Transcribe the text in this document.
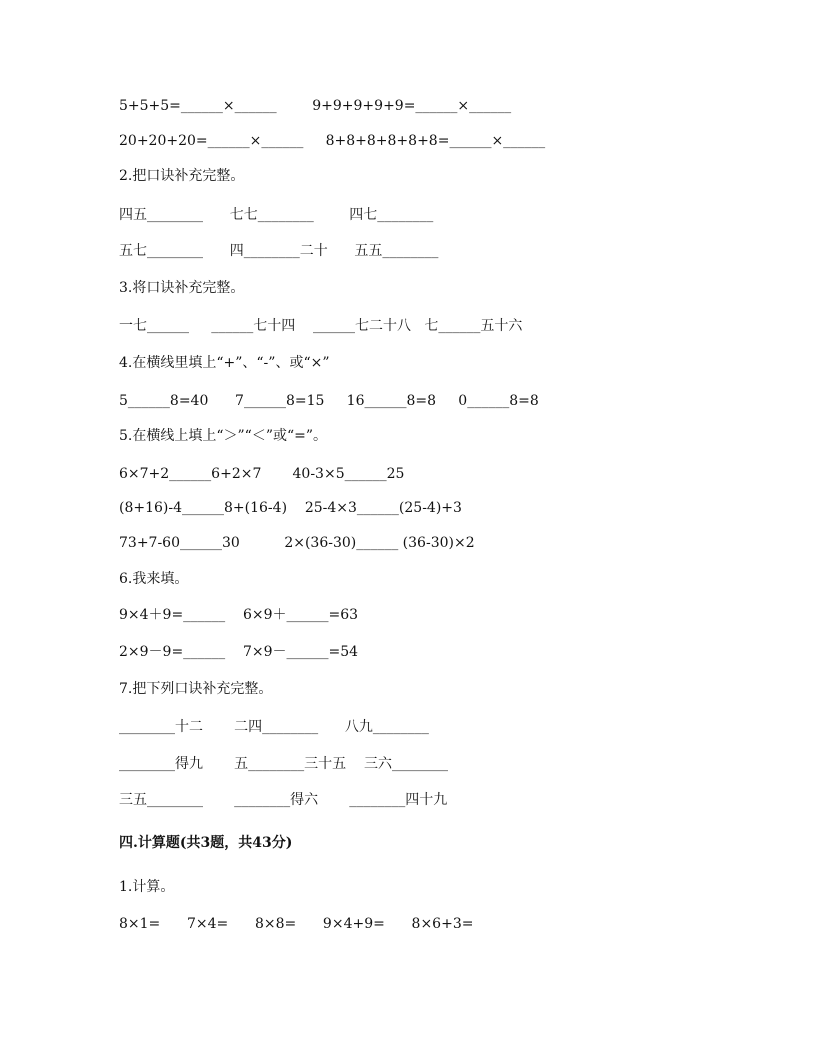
5+5+5=______×______        9+9+9+9+9=______×______
20+20+20=______×______     8+8+8+8+8+8=______×______
2.把口诀补充完整。
四五________      七七________        四七________
五七________      四________二十      五五________
3.将口诀补充完整。
一七______     ______七十四    ______七二十八   七______五十六
4.在横线里填上“+”、“-”、或“×”
5______8=40      7______8=15     16______8=8     0______8=8
5.在横线上填上“＞”“＜”或“=”。
6×7+2______6+2×7       40-3×5______25
(8+16)-4______8+(16-4)    25-4×3______(25-4)+3
73+7-60______30          2×(36-30)______ (36-30)×2
6.我来填。
9×4＋9=______    6×9＋______=63
2×9－9=______    7×9－______=54
7.把下列口诀补充完整。
________十二       二四________      八九________
________得九       五________三十五    三六________
三五________       ________得六       ________四十九
四.计算题(共3题，共43分)
1.计算。
8×1=      7×4=      8×8=      9×4+9=      8×6+3=
